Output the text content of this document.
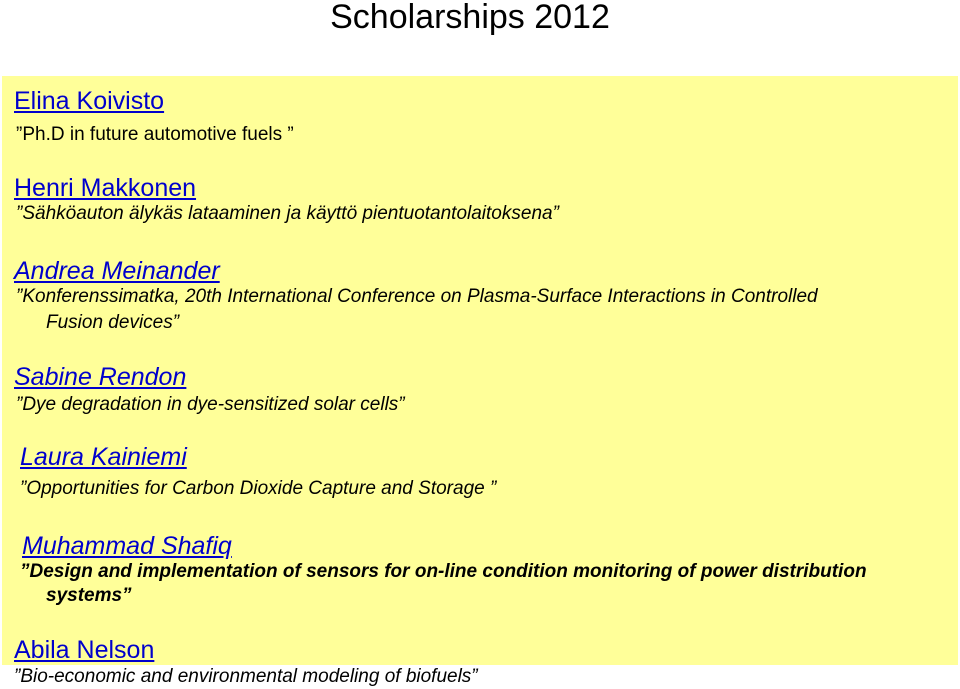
Scholarships 2012
Elina Koivisto
”Ph.D in future automotive fuels ”
Henri Makkonen
”Sähköauton älykäs lataaminen ja käyttö pientuotantolaitoksena”
Andrea Meinander
”Konferenssimatka, 20th International Conference on Plasma-Surface Interactions in Controlled
Fusion devices”
Sabine Rendon
”Dye degradation in dye-sensitized solar cells”
Laura Kainiemi
”Opportunities for Carbon Dioxide Capture and Storage ”
Muhammad Shafiq
”Design and implementation of sensors for on-line condition monitoring of power distribution
systems”
Abila Nelson
”Bio-economic and environmental modeling of biofuels”
